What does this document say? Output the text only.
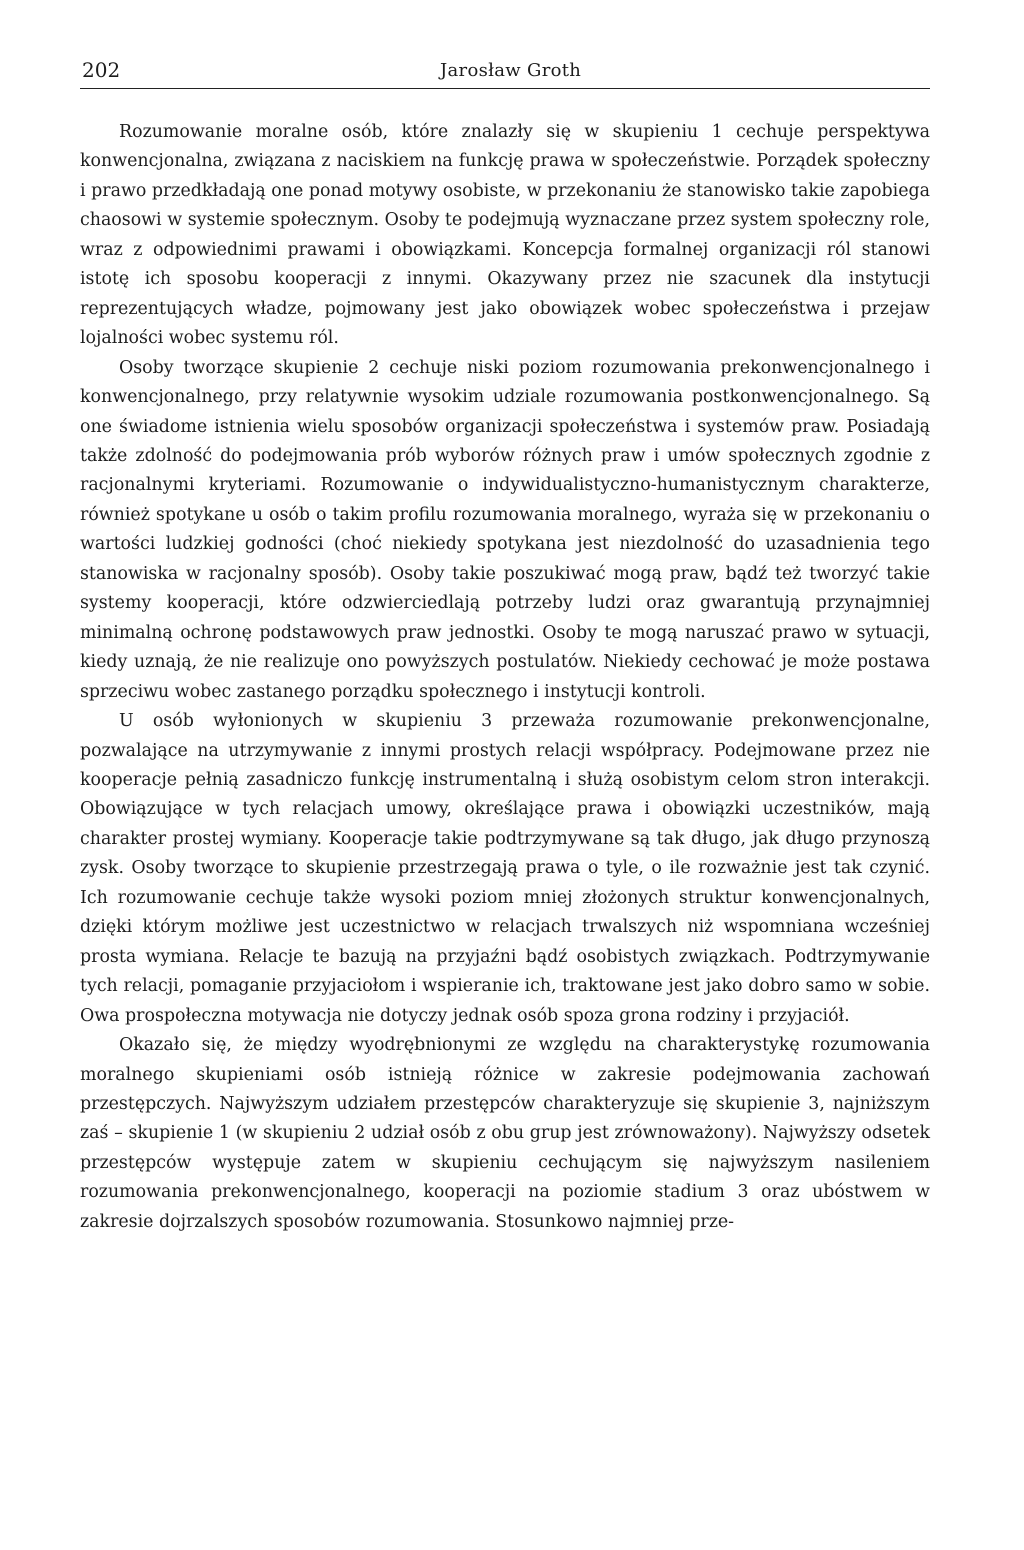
202	Jarosław Groth

Rozumowanie moralne osób, które znalazły się w skupieniu 1 cechuje perspektywa konwencjonalna, związana z naciskiem na funkcję prawa w społeczeństwie. Porządek społeczny i prawo przedkładają one ponad motywy osobiste, w przekonaniu że stanowisko takie zapobiega chaosowi w systemie społecznym. Osoby te podejmują wyznaczane przez system społeczny role, wraz z odpowiednimi prawami i obowiązkami. Koncepcja formalnej organizacji ról stanowi istotę ich sposobu kooperacji z innymi. Okazywany przez nie szacunek dla instytucji reprezentujących władze, pojmowany jest jako obowiązek wobec społeczeństwa i przejaw lojalności wobec systemu ról.

Osoby tworzące skupienie 2 cechuje niski poziom rozumowania prekonwencjonalnego i konwencjonalnego, przy relatywnie wysokim udziale rozumowania postkonwencjonalnego. Są one świadome istnienia wielu sposobów organizacji społeczeństwa i systemów praw. Posiadają także zdolność do podejmowania prób wyborów różnych praw i umów społecznych zgodnie z racjonalnymi kryteriami. Rozumowanie o indywidualistyczno-humanistycznym charakterze, również spotykane u osób o takim profilu rozumowania moralnego, wyraża się w przekonaniu o wartości ludzkiej godności (choć niekiedy spotykana jest niezdolność do uzasadnienia tego stanowiska w racjonalny sposób). Osoby takie poszukiwać mogą praw, bądź też tworzyć takie systemy kooperacji, które odzwierciedlają potrzeby ludzi oraz gwarantują przynajmniej minimalną ochronę podstawowych praw jednostki. Osoby te mogą naruszać prawo w sytuacji, kiedy uznają, że nie realizuje ono powyższych postulatów. Niekiedy cechować je może postawa sprzeciwu wobec zastanego porządku społecznego i instytucji kontroli.

U osób wyłonionych w skupieniu 3 przeważa rozumowanie prekonwencjonalne, pozwalające na utrzymywanie z innymi prostych relacji współpracy. Podejmowane przez nie kooperacje pełnią zasadniczo funkcję instrumentalną i służą osobistym celom stron interakcji. Obowiązujące w tych relacjach umowy, określające prawa i obowiązki uczestników, mają charakter prostej wymiany. Kooperacje takie podtrzymywane są tak długo, jak długo przynoszą zysk. Osoby tworzące to skupienie przestrzegają prawa o tyle, o ile rozważnie jest tak czynić. Ich rozumowanie cechuje także wysoki poziom mniej złożonych struktur konwencjonalnych, dzięki którym możliwe jest uczestnictwo w relacjach trwalszych niż wspomniana wcześniej prosta wymiana. Relacje te bazują na przyjaźni bądź osobistych związkach. Podtrzymywanie tych relacji, pomaganie przyjaciołom i wspieranie ich, traktowane jest jako dobro samo w sobie. Owa prospołeczna motywacja nie dotyczy jednak osób spoza grona rodziny i przyjaciół.

Okazało się, że między wyodrębnionymi ze względu na charakterystykę rozumowania moralnego skupieniami osób istnieją różnice w zakresie podejmowania zachowań przestępczych. Najwyższym udziałem przestępców charakteryzuje się skupienie 3, najniższym zaś – skupienie 1 (w skupieniu 2 udział osób z obu grup jest zrównoważony). Najwyższy odsetek przestępców występuje zatem w skupieniu cechującym się najwyższym nasileniem rozumowania prekonwencjonalnego, kooperacji na poziomie stadium 3 oraz ubóstwem w zakresie dojrzalszych sposobów rozumowania. Stosunkowo najmniej prze-
